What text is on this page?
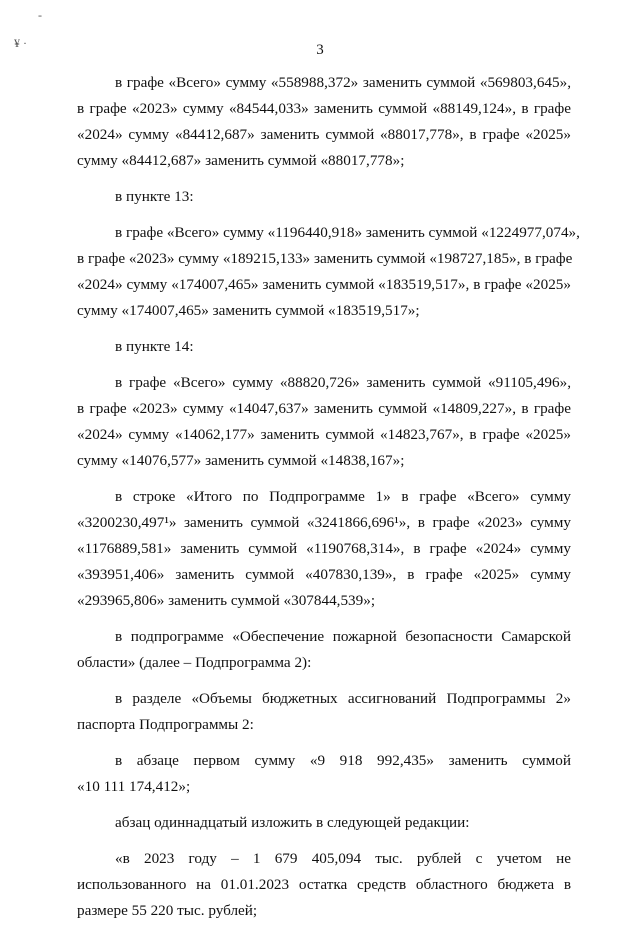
-
¥ ·	3
в графе «Всего» сумму «558988,372» заменить суммой «569803,645»,
в графе «2023» сумму «84544,033» заменить суммой «88149,124», в графе
«2024» сумму «84412,687» заменить суммой «88017,778», в графе «2025»
сумму «84412,687» заменить суммой «88017,778»;
в пункте 13:
в графе «Всего» сумму «1196440,918» заменить суммой «1224977,074»,
в графе «2023» сумму «189215,133» заменить суммой «198727,185», в графе
«2024» сумму «174007,465» заменить суммой «183519,517», в графе «2025»
сумму «174007,465» заменить суммой «183519,517»;
в пункте 14:
в графе «Всего» сумму «88820,726» заменить суммой «91105,496»,
в графе «2023» сумму «14047,637» заменить суммой «14809,227», в графе
«2024» сумму «14062,177» заменить суммой «14823,767», в графе «2025»
сумму «14076,577» заменить суммой «14838,167»;
в строке «Итого по Подпрограмме 1» в графе «Всего» сумму
«3200230,497¹» заменить суммой «3241866,696¹», в графе «2023» сумму
«1176889,581» заменить суммой «1190768,314», в графе «2024» сумму
«393951,406» заменить суммой «407830,139», в графе «2025» сумму
«293965,806» заменить суммой «307844,539»;
в подпрограмме «Обеспечение пожарной безопасности Самарской
области» (далее – Подпрограмма 2):
в разделе «Объемы бюджетных ассигнований Подпрограммы 2»
паспорта Подпрограммы 2:
в абзаце первом сумму «9 918 992,435» заменить суммой
«10 111 174,412»;
абзац одиннадцатый изложить в следующей редакции:
«в 2023 году – 1 679 405,094 тыс. рублей с учетом не
использованного на 01.01.2023 остатка средств областного бюджета в
размере 55 220 тыс. рублей;
